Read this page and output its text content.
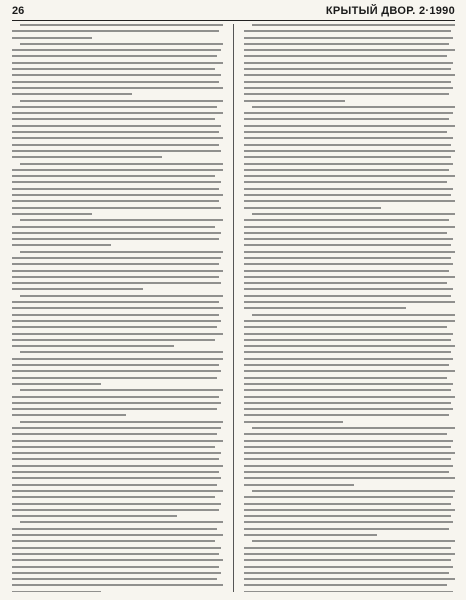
26	КРЫТЫЙ ДВОР. 2·1990
